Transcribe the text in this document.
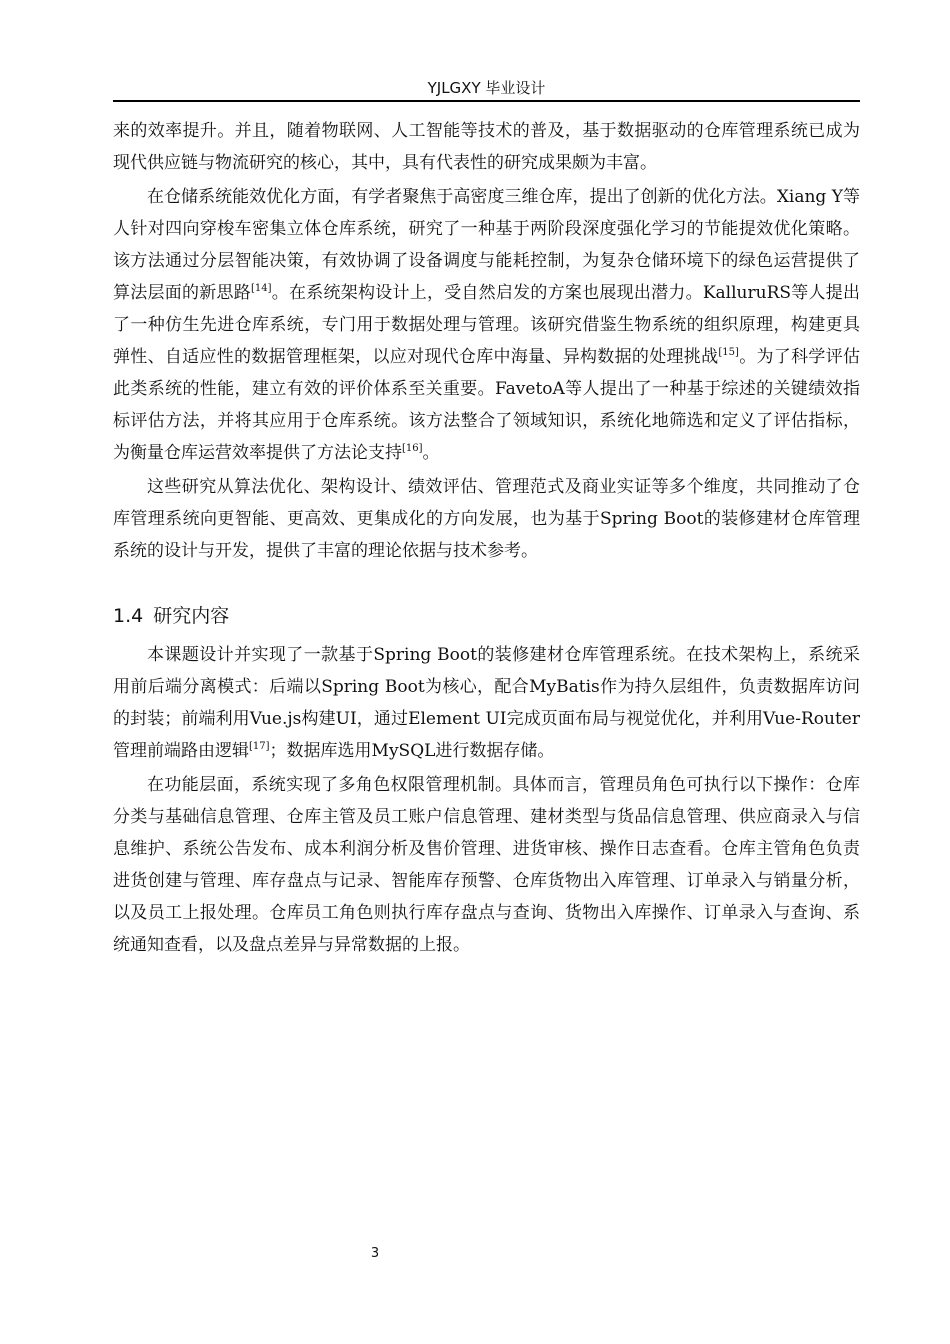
YJLGXY 毕业设计

来的效率提升。并且，随着物联网、人工智能等技术的普及，基于数据驱动的仓库管理系统已成为现代供应链与物流研究的核心，其中，具有代表性的研究成果颇为丰富。

在仓储系统能效优化方面，有学者聚焦于高密度三维仓库，提出了创新的优化方法。Xiang Y等人针对四向穿梭车密集立体仓库系统，研究了一种基于两阶段深度强化学习的节能提效优化策略。该方法通过分层智能决策，有效协调了设备调度与能耗控制，为复杂仓储环境下的绿色运营提供了算法层面的新思路[14]。在系统架构设计上，受自然启发的方案也展现出潜力。KalluruRS等人提出了一种仿生先进仓库系统，专门用于数据处理与管理。该研究借鉴生物系统的组织原理，构建更具弹性、自适应性的数据管理框架，以应对现代仓库中海量、异构数据的处理挑战[15]。为了科学评估此类系统的性能，建立有效的评价体系至关重要。FavetoA等人提出了一种基于综述的关键绩效指标评估方法，并将其应用于仓库系统。该方法整合了领域知识，系统化地筛选和定义了评估指标，为衡量仓库运营效率提供了方法论支持[16]。

这些研究从算法优化、架构设计、绩效评估、管理范式及商业实证等多个维度，共同推动了仓库管理系统向更智能、更高效、更集成化的方向发展，也为基于Spring Boot的装修建材仓库管理系统的设计与开发，提供了丰富的理论依据与技术参考。

1.4 研究内容

本课题设计并实现了一款基于Spring Boot的装修建材仓库管理系统。在技术架构上，系统采用前后端分离模式：后端以Spring Boot为核心，配合MyBatis作为持久层组件，负责数据库访问的封装；前端利用Vue.js构建UI，通过Element UI完成页面布局与视觉优化，并利用Vue-Router管理前端路由逻辑[17]；数据库选用MySQL进行数据存储。

在功能层面，系统实现了多角色权限管理机制。具体而言，管理员角色可执行以下操作：仓库分类与基础信息管理、仓库主管及员工账户信息管理、建材类型与货品信息管理、供应商录入与信息维护、系统公告发布、成本利润分析及售价管理、进货审核、操作日志查看。仓库主管角色负责进货创建与管理、库存盘点与记录、智能库存预警、仓库货物出入库管理、订单录入与销量分析，以及员工上报处理。仓库员工角色则执行库存盘点与查询、货物出入库操作、订单录入与查询、系统通知查看，以及盘点差异与异常数据的上报。

3
